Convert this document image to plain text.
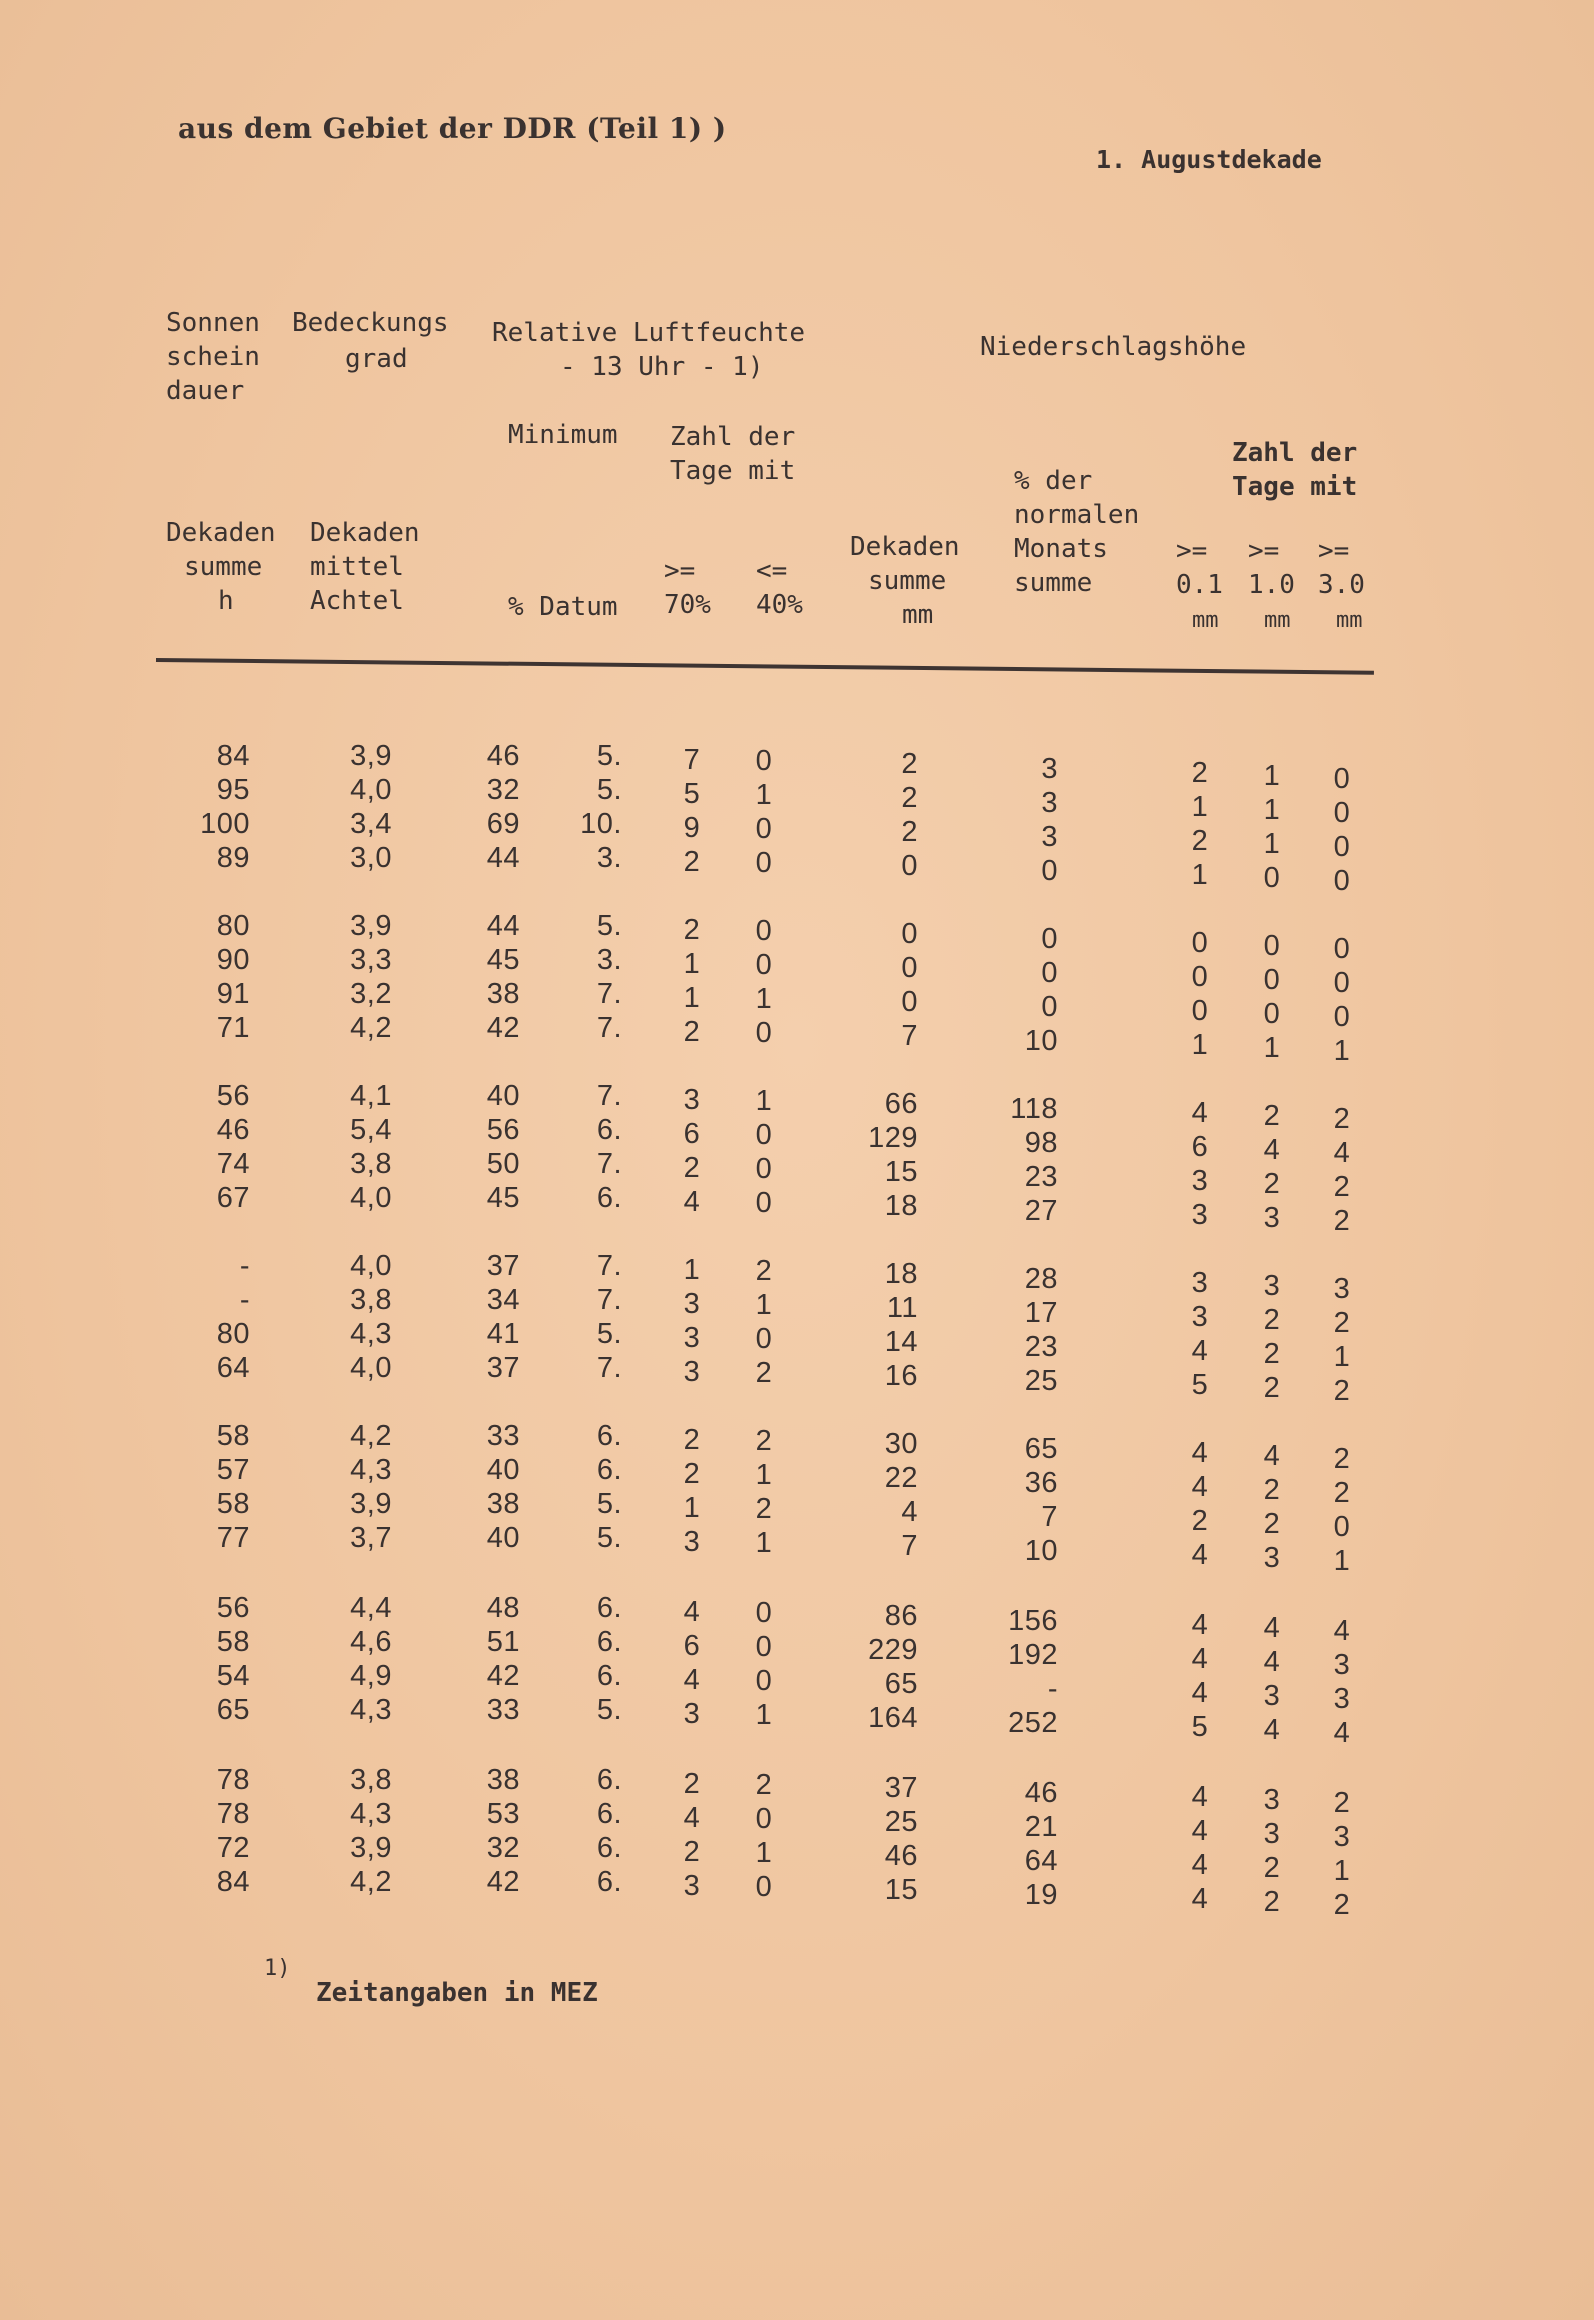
aus dem Gebiet der DDR (Teil 1) )
1. Augustdekade
Sonnen
schein
dauer
Bedeckungs
grad
Relative Luftfeuchte
- 13 Uhr - 1)
Niederschlagshöhe
Minimum Zahl der
Tage mit
Zahl der
Tage mit
% der
normalen
Monats
summe
Dekaden
summe
h
Dekaden
mittel
Achtel	% Datum
>=
70%
<=
40%
Dekaden
summe
mm
>=
0.1
mm
>=
1.0
mm
>=
3.0
mm
84	3,9	46	5.	7	0	2	3	2	1	0
95	4,0	32	5.	5	1	2	3	1	1	0
100	3,4	69	10.	9	0	2	3	2	1	0
89	3,0	44	3.	2	0	0	0	1	0	0
80	3,9	44	5.	2	0	0	0	0	0	0
90	3,3	45	3.	1	0	0	0	0	0	0
91	3,2	38	7.	1	1	0	0	0	0	0
71	4,2	42	7.	2	0	7	10	1	1	1
56	4,1	40	7.	3	1	66	118	4	2	2
46	5,4	56	6.	6	0	129	98	6	4	4
74	3,8	50	7.	2	0	15	23	3	2	2
67	4,0	45	6.	4	0	18	27	3	3	2
-	4,0	37	7.	1	2	18	28	3	3	3
-	3,8	34	7.	3	1	11	17	3	2	2
80	4,3	41	5.	3	0	14	23	4	2	1
64	4,0	37	7.	3	2	16	25	5	2	2
58	4,2	33	6.	2	2	30	65	4	4	2
57	4,3	40	6.	2	1	22	36	4	2	2
58	3,9	38	5.	1	2	4	7	2	2	0
77	3,7	40	5.	3	1	7	10	4	3	1
56	4,4	48	6.	4	0	86	156	4	4	4
58	4,6	51	6.	6	0	229	192	4	4	3
54	4,9	42	6.	4	0	65	-	4	3	3
65	4,3	33	5.	3	1	164	252	5	4	4
78	3,8	38	6.	2	2	37	46	4	3	2
78	4,3	53	6.	4	0	25	21	4	3	3
72	3,9	32	6.	2	1	46	64	4	2	1
84	4,2	42	6.	3	0	15	19	4	2	2
1)
Zeitangaben in MEZ
